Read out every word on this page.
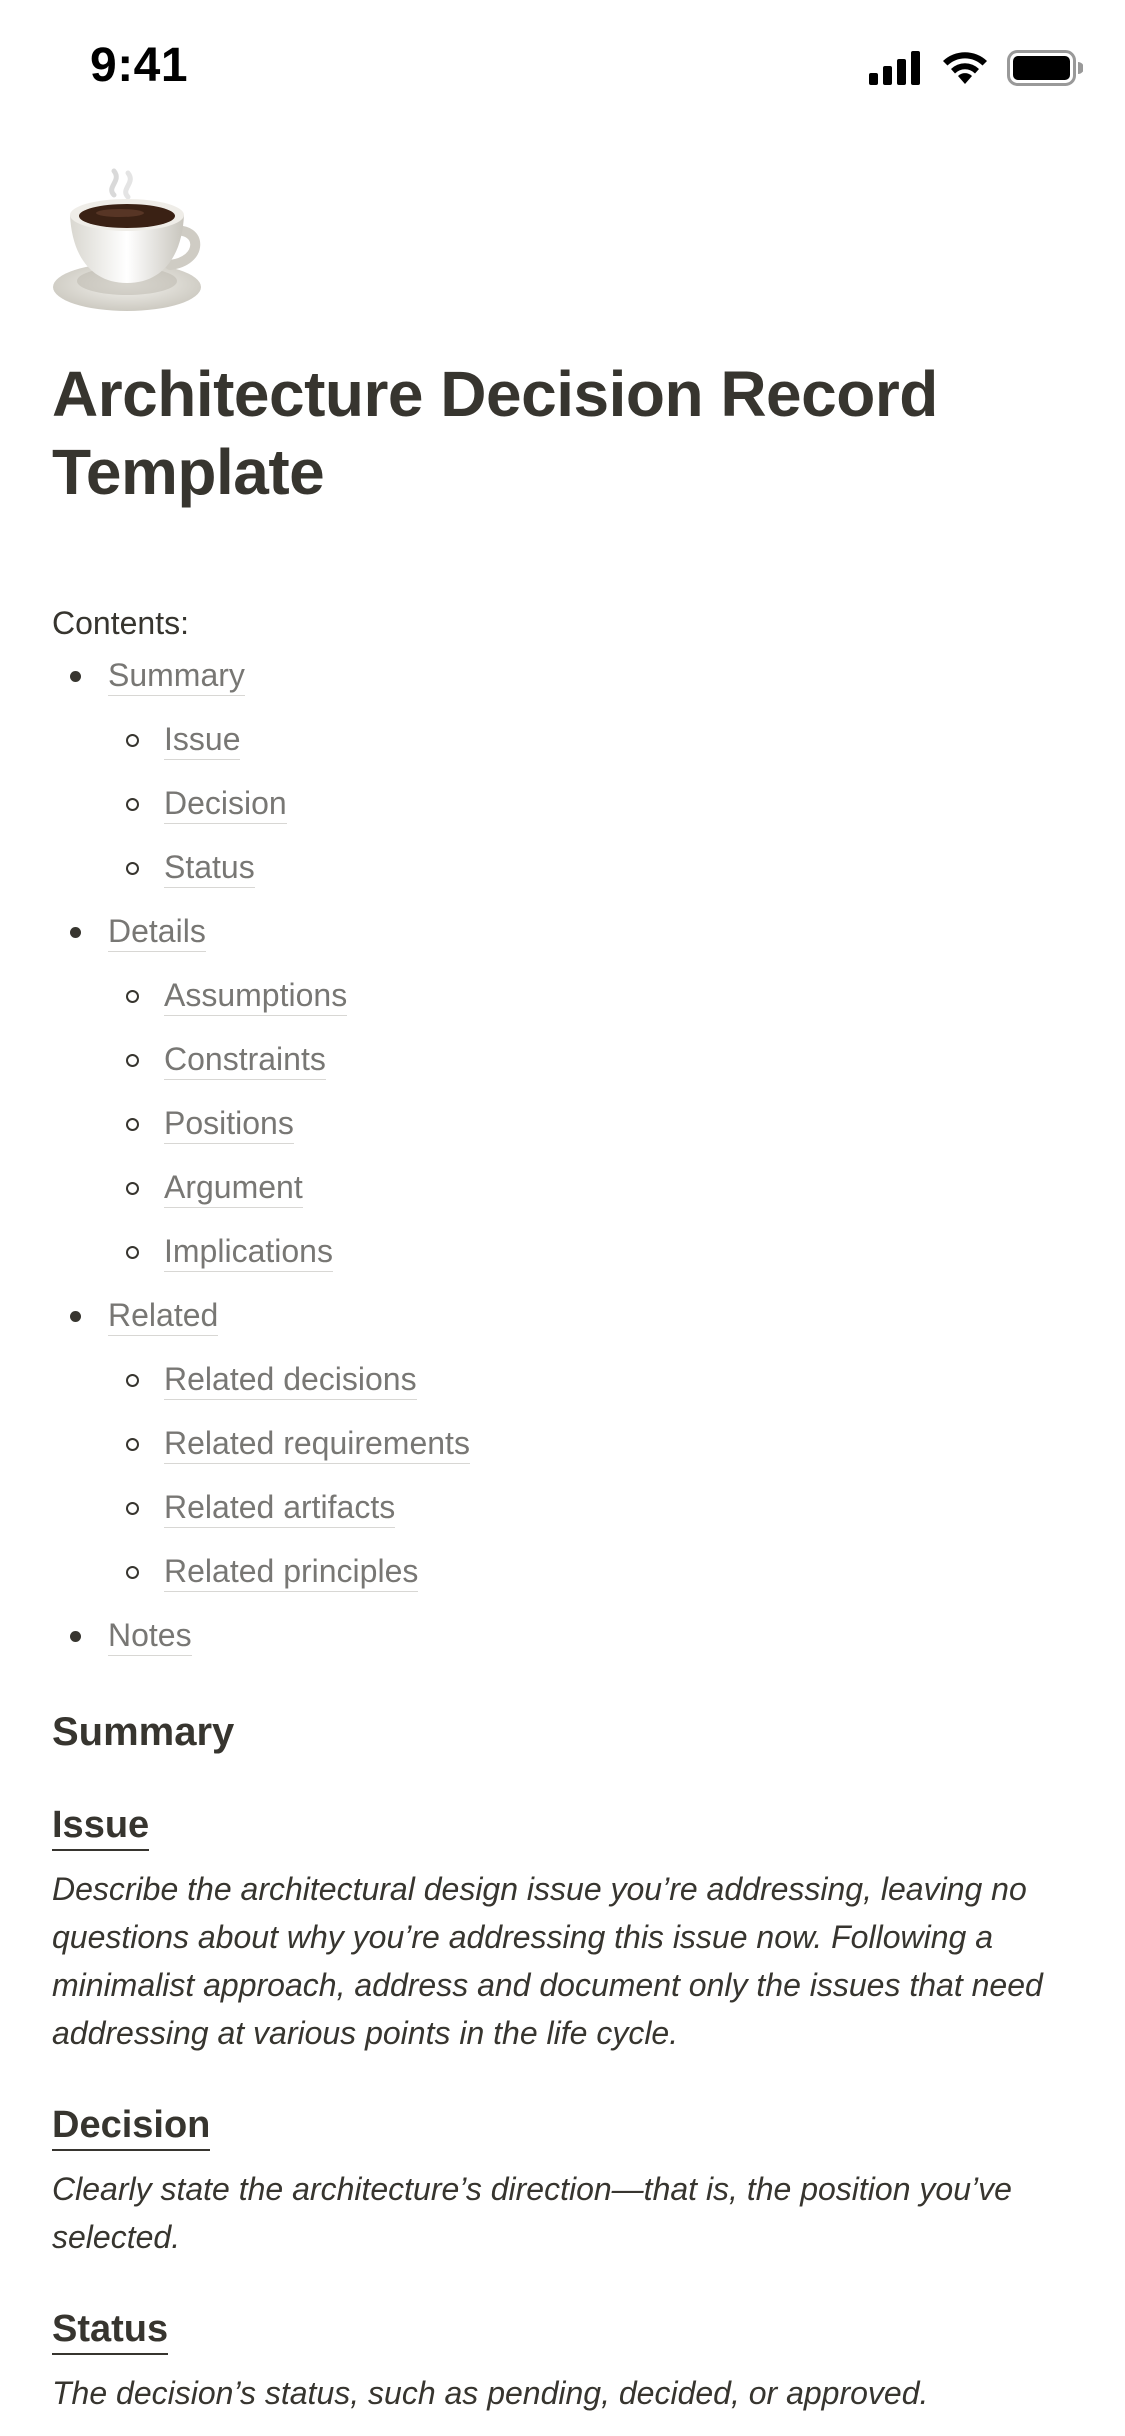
9:41
Architecture Decision Record Template
Contents:
Summary
Issue
Decision
Status
Details
Assumptions
Constraints
Positions
Argument
Implications
Related
Related decisions
Related requirements
Related artifacts
Related principles
Notes
Summary
Issue

Describe the architectural design issue you’re addressing, leaving no questions about why you’re addressing this issue now. Following a minimalist approach, address and document only the issues that need addressing at various points in the life cycle.

Decision

Clearly state the architecture’s direction—that is, the position you’ve selected.

Status

The decision’s status, such as pending, decided, or approved.
